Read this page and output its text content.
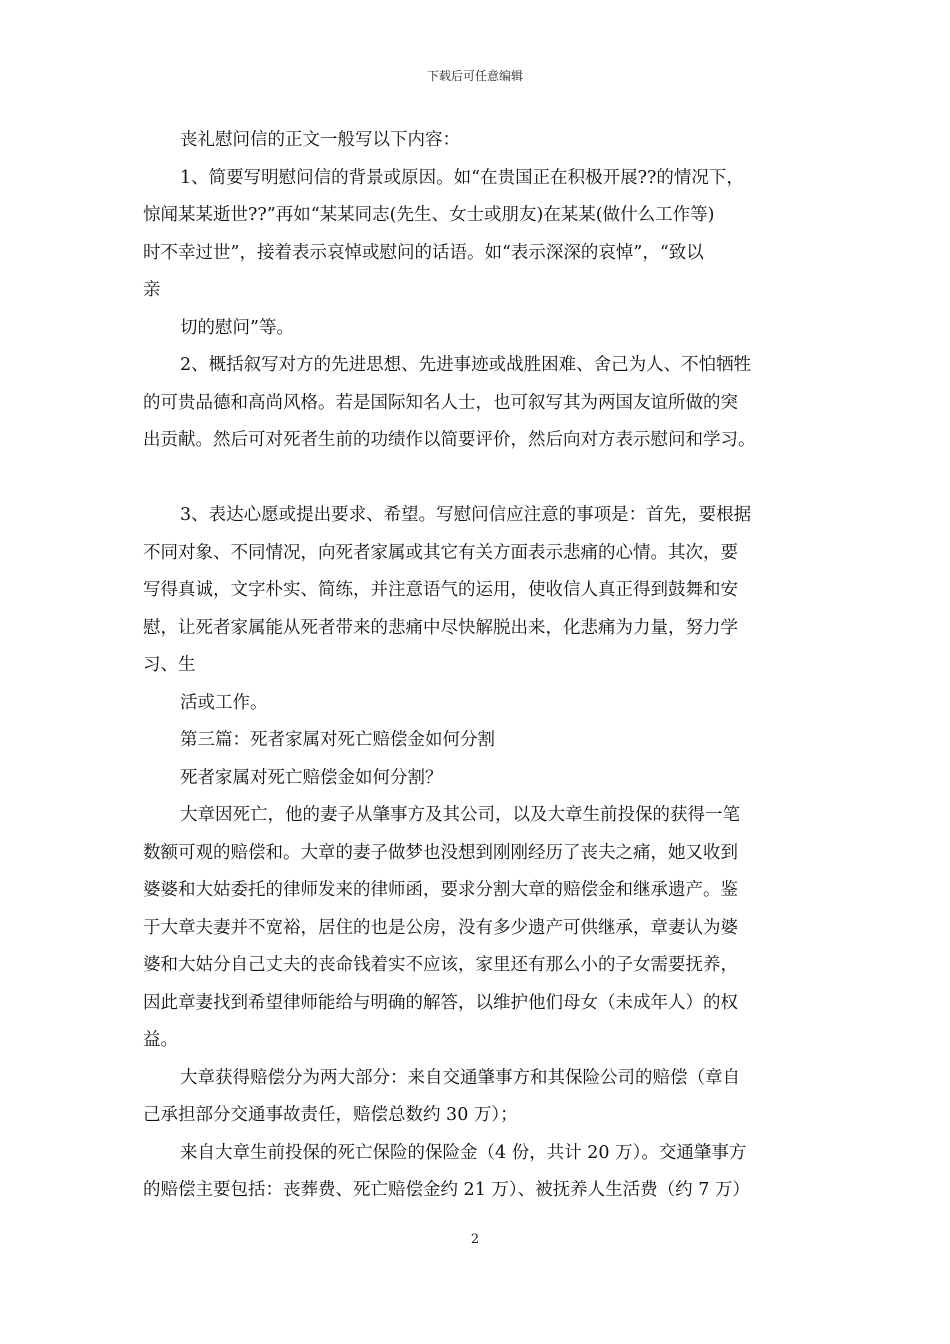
下载后可任意编辑
丧礼慰问信的正文一般写以下内容：
1、简要写明慰问信的背景或原因。如“在贵国正在积极开展??的情况下，
惊闻某某逝世??”再如“某某同志(先生、女士或朋友)在某某(做什么工作等)
时不幸过世”，接着表示哀悼或慰问的话语。如“表示深深的哀悼”，“致以
亲
切的慰问”等。
2、概括叙写对方的先进思想、先进事迹或战胜困难、舍己为人、不怕牺牲
的可贵品德和高尚风格。若是国际知名人士，也可叙写其为两国友谊所做的突
出贡献。然后可对死者生前的功绩作以简要评价，然后向对方表示慰问和学习。
3、表达心愿或提出要求、希望。写慰问信应注意的事项是：首先，要根据
不同对象、不同情况，向死者家属或其它有关方面表示悲痛的心情。其次，要
写得真诚，文字朴实、简练，并注意语气的运用，使收信人真正得到鼓舞和安
慰，让死者家属能从死者带来的悲痛中尽快解脱出来，化悲痛为力量，努力学
习、生
活或工作。
第三篇：死者家属对死亡赔偿金如何分割
死者家属对死亡赔偿金如何分割？
大章因死亡，他的妻子从肇事方及其公司，以及大章生前投保的获得一笔
数额可观的赔偿和。大章的妻子做梦也没想到刚刚经历了丧夫之痛，她又收到
婆婆和大姑委托的律师发来的律师函，要求分割大章的赔偿金和继承遗产。鉴
于大章夫妻并不宽裕，居住的也是公房，没有多少遗产可供继承，章妻认为婆
婆和大姑分自己丈夫的丧命钱着实不应该，家里还有那么小的子女需要抚养，
因此章妻找到希望律师能给与明确的解答，以维护他们母女（未成年人）的权
益。
大章获得赔偿分为两大部分：来自交通肇事方和其保险公司的赔偿（章自
己承担部分交通事故责任，赔偿总数约 30 万）；
来自大章生前投保的死亡保险的保险金（4 份，共计 20 万）。交通肇事方
的赔偿主要包括：丧葬费、死亡赔偿金约 21 万）、被抚养人生活费（约 7 万）
2
